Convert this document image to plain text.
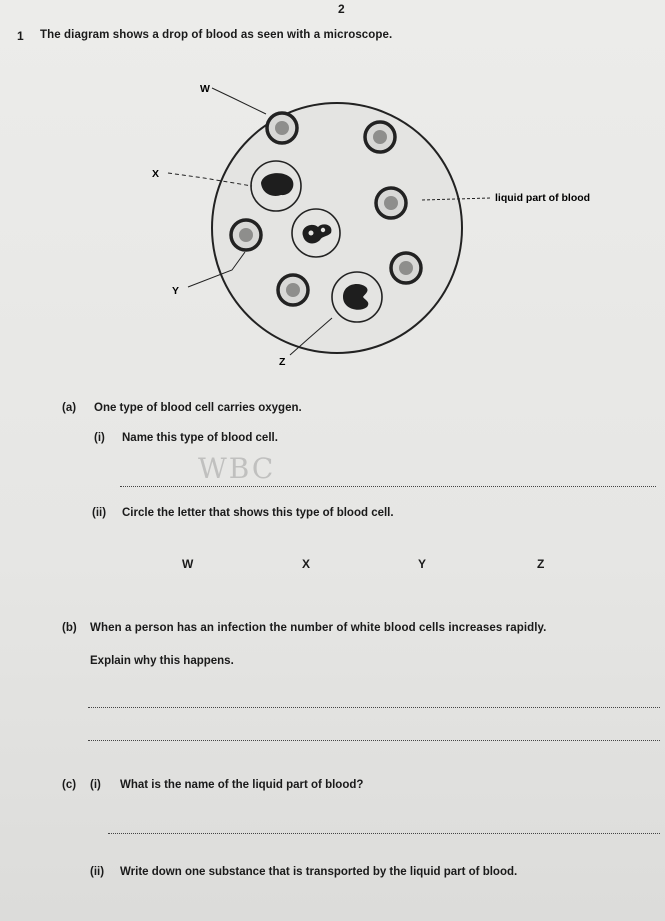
2
1 The diagram shows a drop of blood as seen with a microscope.
W
X
liquid part of blood
Y
Z
(a) One type of blood cell carries oxygen.
(i) Name this type of blood cell.
WBC
(ii) Circle the letter that shows this type of blood cell.
W	X	Y	Z
(b) When a person has an infection the number of white blood cells increases rapidly.
Explain why this happens.
(c) (i) What is the name of the liquid part of blood?
(ii) Write down one substance that is transported by the liquid part of blood.
